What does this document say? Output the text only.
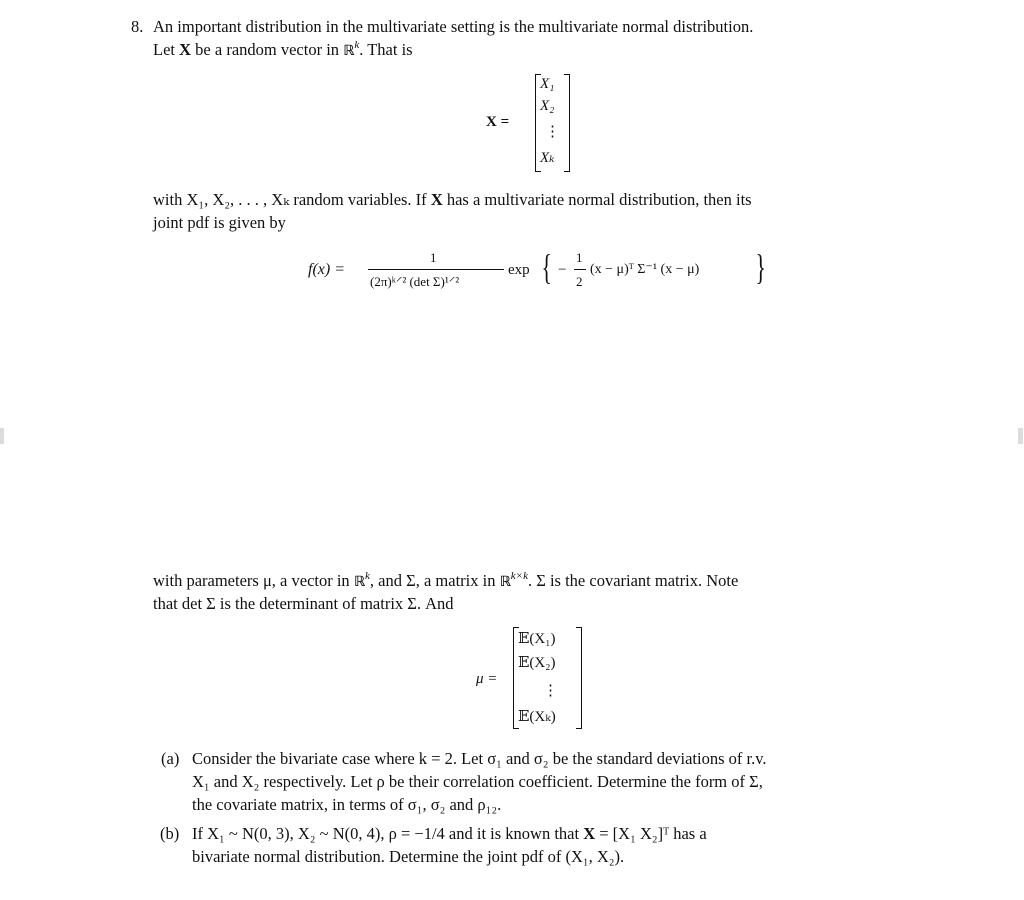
8. An important distribution in the multivariate setting is the multivariate normal distribution.
Let X be a random vector in ℝ$^k$. That is
X =
X₁
X₂
⋮
Xₖ
with X₁, X₂, . . . , Xₖ random variables. If X has a multivariate normal distribution, then its
joint pdf is given by
f(x) =
1
(2π)ᵏ⸍² (det Σ)¹⸍²
exp { −
1
2
(x − μ)ᵀ Σ⁻¹ (x − μ) }
with parameters μ, a vector in ℝ$^k$, and Σ, a matrix in ℝ$^{k\times k}$. Σ is the covariant matrix. Note
that det Σ is the determinant of matrix Σ. And
μ =
𝔼(X₁)
𝔼(X₂)
⋮
𝔼(Xₖ)
(a) Consider the bivariate case where k = 2. Let σ₁ and σ₂ be the standard deviations of r.v.
X₁ and X₂ respectively. Let ρ be their correlation coefficient. Determine the form of Σ,
the covariate matrix, in terms of σ₁, σ₂ and ρ₁₂.
(b) If X₁ ~ N(0, 3), X₂ ~ N(0, 4), ρ = −1/4 and it is known that X = [X₁ X₂]ᵀ has a
bivariate normal distribution. Determine the joint pdf of (X₁, X₂).
